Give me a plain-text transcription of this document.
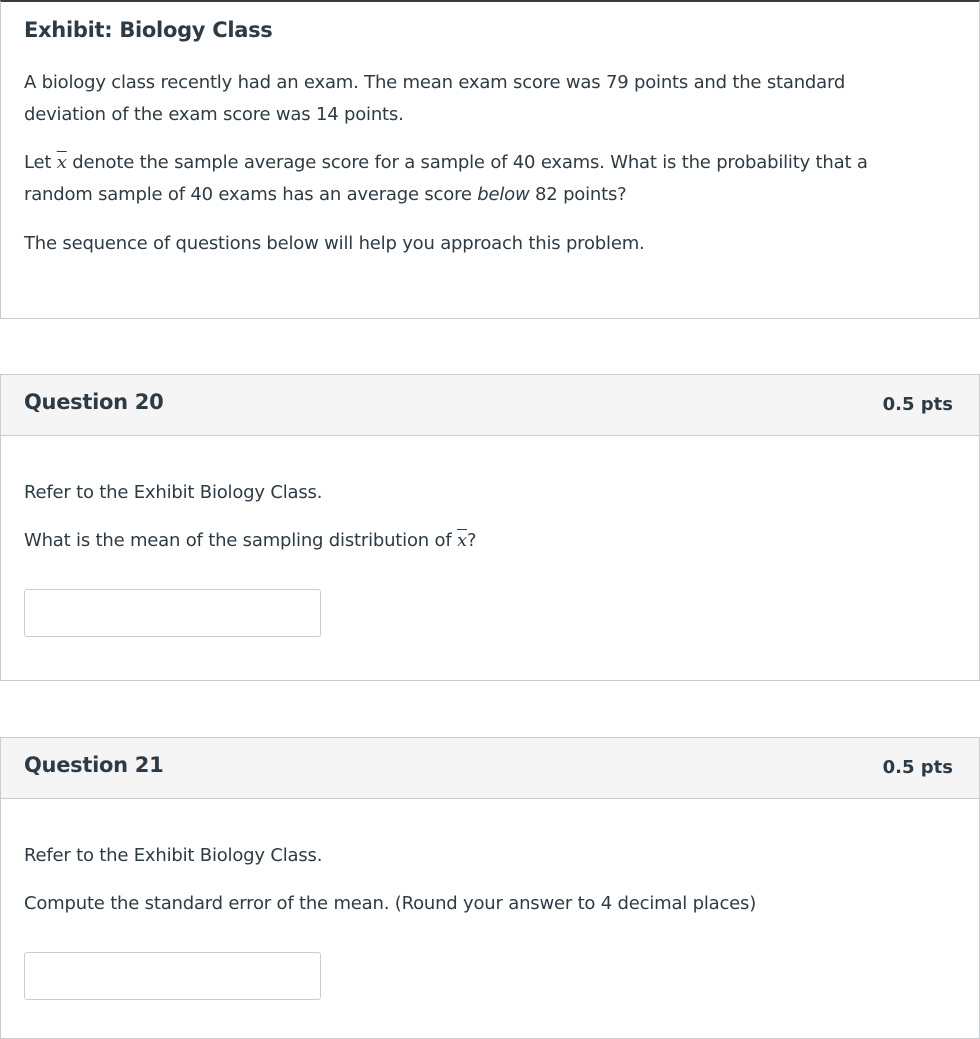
Exhibit: Biology Class
A biology class recently had an exam. The mean exam score was 79 points and the standard deviation of the exam score was 14 points.
Let $\overline{x}$ denote the sample average score for a sample of 40 exams. What is the probability that a random sample of 40 exams has an average score below 82 points?
The sequence of questions below will help you approach this problem.
Question 20	0.5 pts
Refer to the Exhibit Biology Class.
What is the mean of the sampling distribution of $\overline{x}$?
Question 21	0.5 pts
Refer to the Exhibit Biology Class.
Compute the standard error of the mean. (Round your answer to 4 decimal places)
